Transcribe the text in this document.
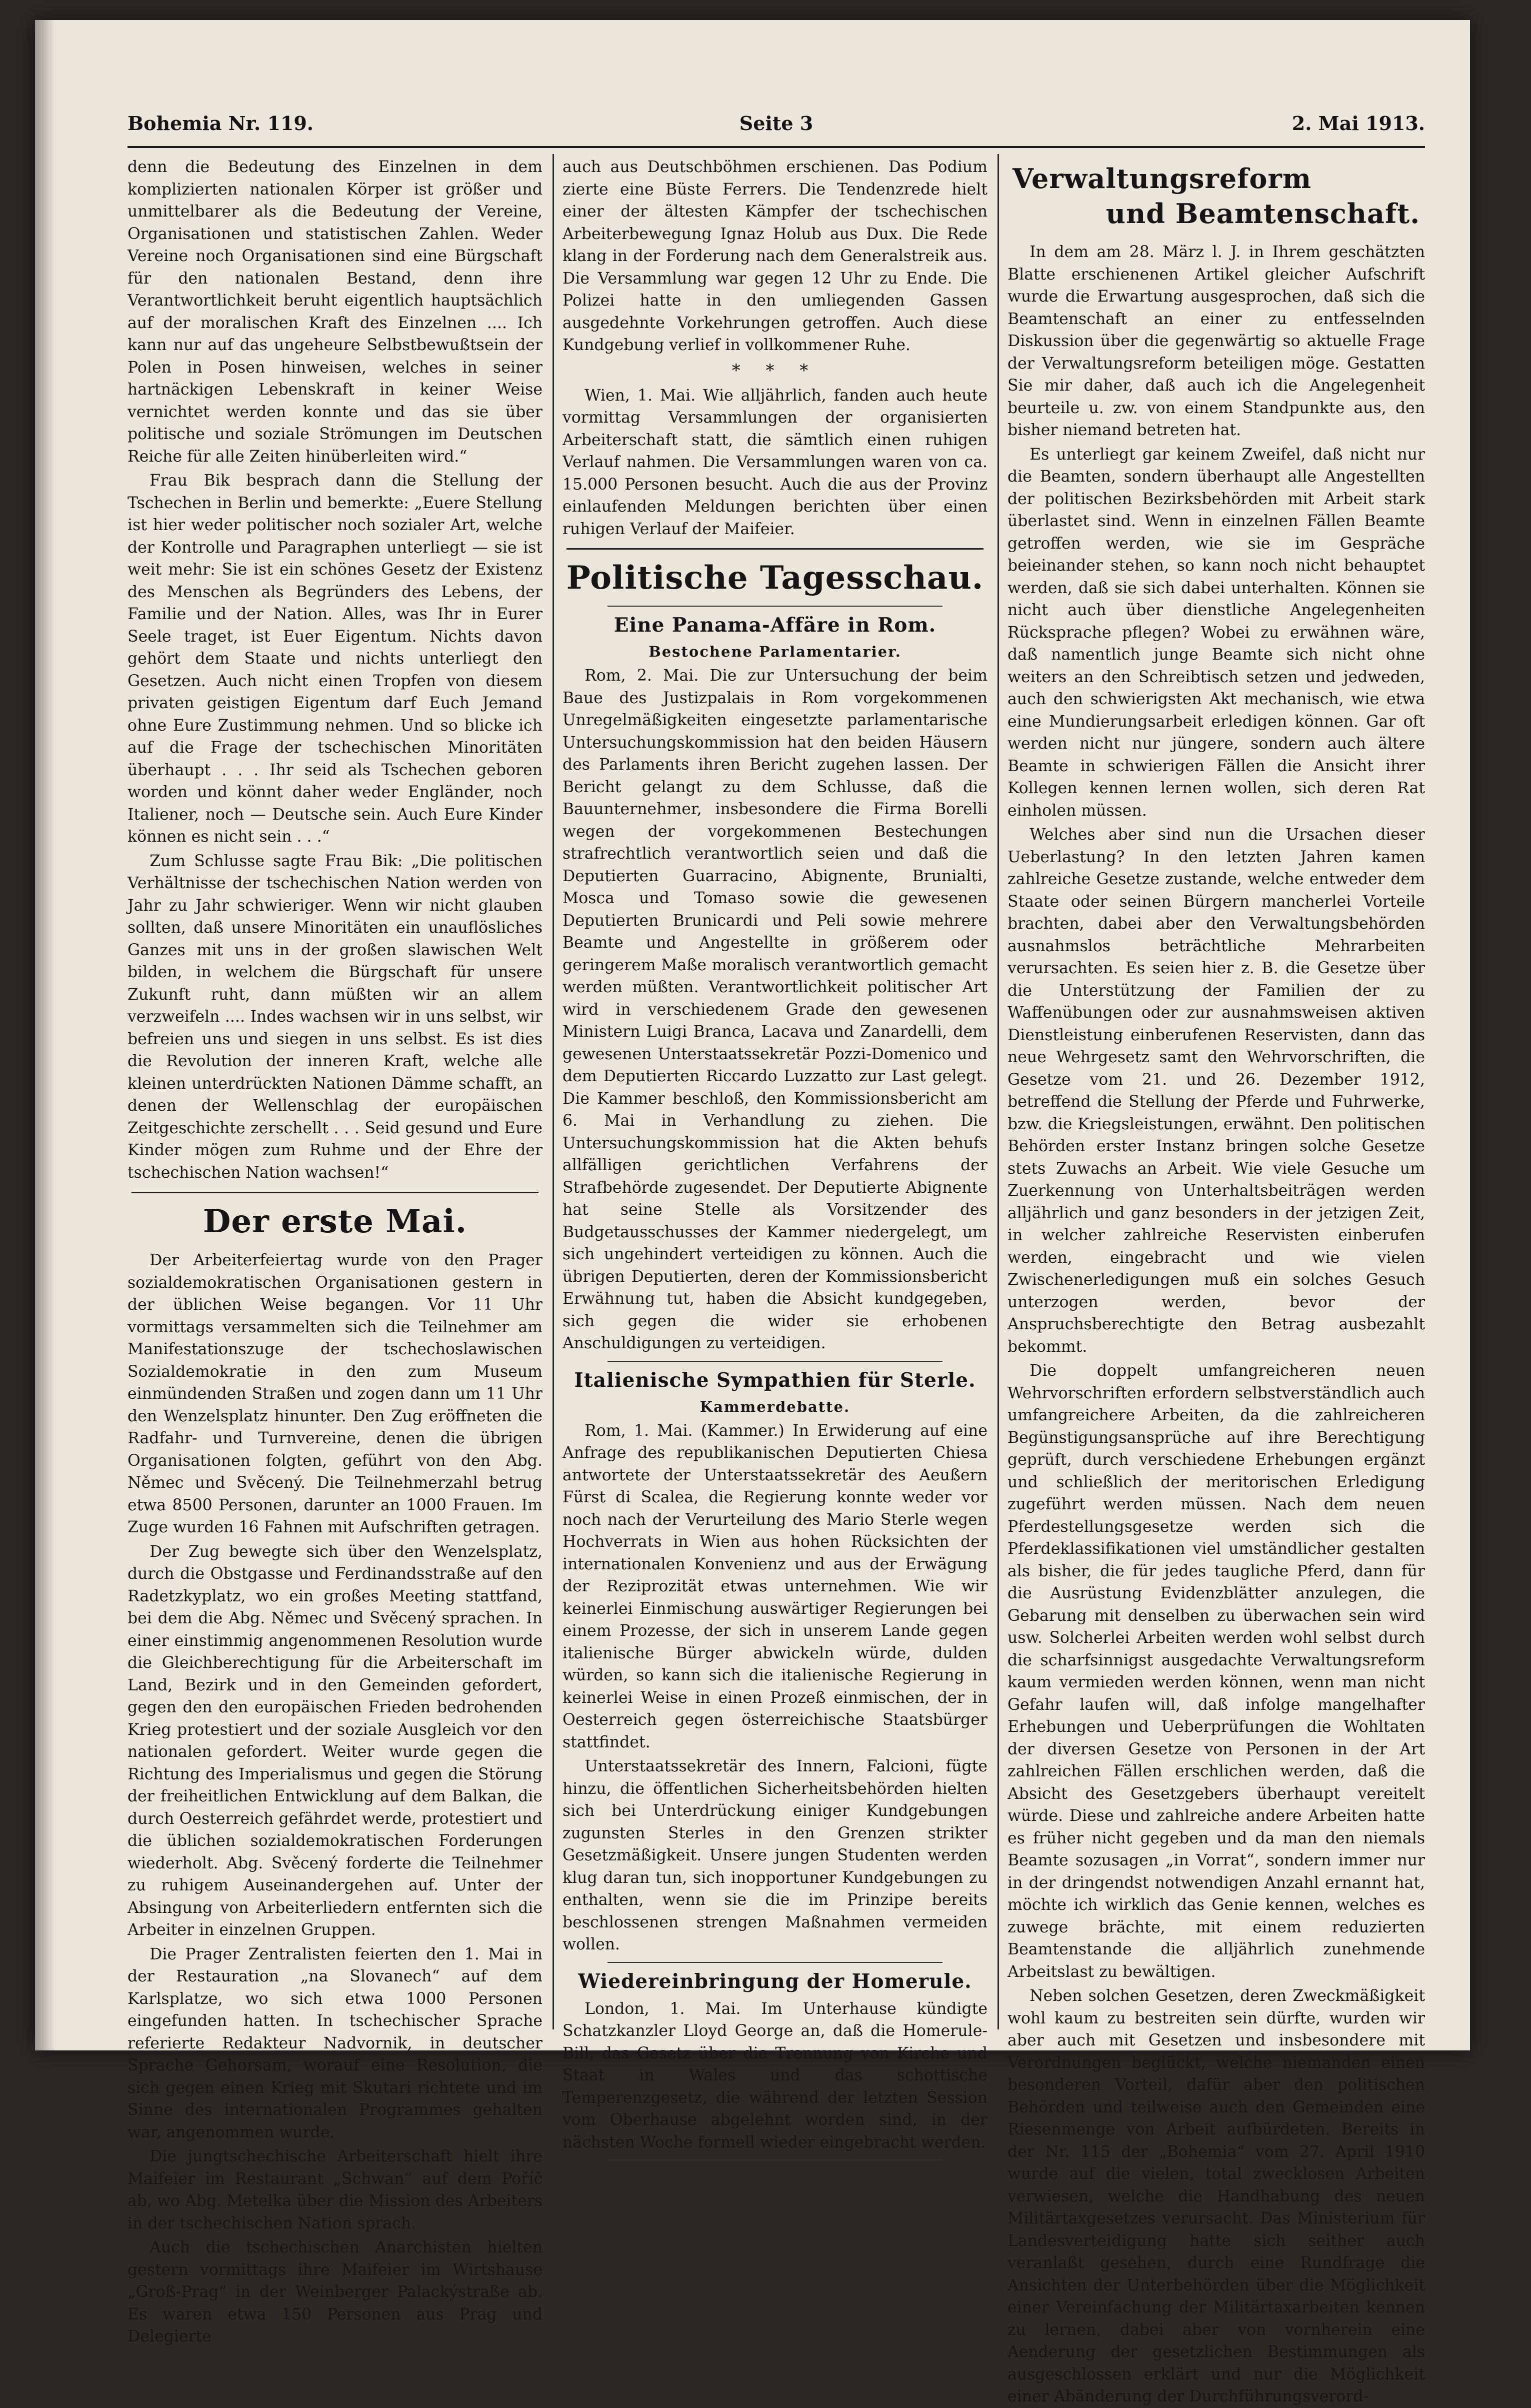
Bohemia Nr. 119.	Seite 3	2. Mai 1913.

denn die Bedeutung des Einzelnen in dem komplizierten nationalen Körper ist größer und unmittelbarer als die Bedeutung der Vereine, Organisationen und statistischen Zahlen. Weder Vereine noch Organisationen sind eine Bürgschaft für den nationalen Bestand, denn ihre Verantwortlichkeit beruht eigentlich hauptsächlich auf der moralischen Kraft des Einzelnen .... Ich kann nur auf das ungeheure Selbstbewußtsein der Polen in Posen hinweisen, welches in seiner hartnäckigen Lebenskraft in keiner Weise vernichtet werden konnte und das sie über politische und soziale Strömungen im Deutschen Reiche für alle Zeiten hinüberleiten wird.“

Frau Bik besprach dann die Stellung der Tschechen in Berlin und bemerkte: „Euere Stellung ist hier weder politischer noch sozialer Art, welche der Kontrolle und Paragraphen unterliegt — sie ist weit mehr: Sie ist ein schönes Gesetz der Existenz des Menschen als Begründers des Lebens, der Familie und der Nation. Alles, was Ihr in Eurer Seele traget, ist Euer Eigentum. Nichts davon gehört dem Staate und nichts unterliegt den Gesetzen. Auch nicht einen Tropfen von diesem privaten geistigen Eigentum darf Euch Jemand ohne Eure Zustimmung nehmen. Und so blicke ich auf die Frage der tschechischen Minoritäten überhaupt . . . Ihr seid als Tschechen geboren worden und könnt daher weder Engländer, noch Italiener, noch — Deutsche sein. Auch Eure Kinder können es nicht sein . . .“

Zum Schlusse sagte Frau Bik: „Die politischen Verhältnisse der tschechischen Nation werden von Jahr zu Jahr schwieriger. Wenn wir nicht glauben sollten, daß unsere Minoritäten ein unauflösliches Ganzes mit uns in der großen slawischen Welt bilden, in welchem die Bürgschaft für unsere Zukunft ruht, dann müßten wir an allem verzweifeln .... Indes wachsen wir in uns selbst, wir befreien uns und siegen in uns selbst. Es ist dies die Revolution der inneren Kraft, welche alle kleinen unterdrückten Nationen Dämme schafft, an denen der Wellenschlag der europäischen Zeitgeschichte zerschellt . . . Seid gesund und Eure Kinder mögen zum Ruhme und der Ehre der tschechischen Nation wachsen!“

Der erste Mai.

Der Arbeiterfeiertag wurde von den Prager sozialdemokratischen Organisationen gestern in der üblichen Weise begangen. Vor 11 Uhr vormittags versammelten sich die Teilnehmer am Manifestationszuge der tschechoslawischen Sozialdemokratie in den zum Museum einmündenden Straßen und zogen dann um 11 Uhr den Wenzelsplatz hinunter. Den Zug eröffneten die Radfahr- und Turnvereine, denen die übrigen Organisationen folgten, geführt von den Abg. Němec und Svěcený. Die Teilnehmerzahl betrug etwa 8500 Personen, darunter an 1000 Frauen. Im Zuge wurden 16 Fahnen mit Aufschriften getragen.

Der Zug bewegte sich über den Wenzelsplatz, durch die Obstgasse und Ferdinandsstraße auf den Radetzkyplatz, wo ein großes Meeting stattfand, bei dem die Abg. Němec und Svěcený sprachen. In einer einstimmig angenommenen Resolution wurde die Gleichberechtigung für die Arbeiterschaft im Land, Bezirk und in den Gemeinden gefordert, gegen den den europäischen Frieden bedrohenden Krieg protestiert und der soziale Ausgleich vor den nationalen gefordert. Weiter wurde gegen die Richtung des Imperialismus und gegen die Störung der freiheitlichen Entwicklung auf dem Balkan, die durch Oesterreich gefährdet werde, protestiert und die üblichen sozialdemokratischen Forderungen wiederholt. Abg. Svěcený forderte die Teilnehmer zu ruhigem Auseinandergehen auf. Unter der Absingung von Arbeiterliedern entfernten sich die Arbeiter in einzelnen Gruppen.

Die Prager Zentralisten feierten den 1. Mai in der Restauration „na Slovanech“ auf dem Karlsplatze, wo sich etwa 1000 Personen eingefunden hatten. In tschechischer Sprache referierte Redakteur Nadvornik, in deutscher Sprache Gehorsam, worauf eine Resolution, die sich gegen einen Krieg mit Skutari richtete und im Sinne des internationalen Programmes gehalten war, angenommen wurde.

Die jungtschechische Arbeiterschaft hielt ihre Maifeier im Restaurant „Schwan“ auf dem Poříč ab, wo Abg. Metelka über die Mission des Arbeiters in der tschechischen Nation sprach.

Auch die tschechischen Anarchisten hielten gestern vormittags ihre Maifeier im Wirtshause „Groß-Prag“ in der Weinberger Palackýstraße ab. Es waren etwa 150 Personen aus Prag und Delegierte

auch aus Deutschböhmen erschienen. Das Podium zierte eine Büste Ferrers. Die Tendenzrede hielt einer der ältesten Kämpfer der tschechischen Arbeiterbewegung Ignaz Holub aus Dux. Die Rede klang in der Forderung nach dem Generalstreik aus. Die Versammlung war gegen 12 Uhr zu Ende. Die Polizei hatte in den umliegenden Gassen ausgedehnte Vorkehrungen getroffen. Auch diese Kundgebung verlief in vollkommener Ruhe.

* * *

Wien, 1. Mai. Wie alljährlich, fanden auch heute vormittag Versammlungen der organisierten Arbeiterschaft statt, die sämtlich einen ruhigen Verlauf nahmen. Die Versammlungen waren von ca. 15.000 Personen besucht. Auch die aus der Provinz einlaufenden Meldungen berichten über einen ruhigen Verlauf der Maifeier.

Politische Tagesschau.
Eine Panama-Affäre in Rom.
Bestochene Parlamentarier.

Rom, 2. Mai. Die zur Untersuchung der beim Baue des Justizpalais in Rom vorgekommenen Unregelmäßigkeiten eingesetzte parlamentarische Untersuchungskommission hat den beiden Häusern des Parlaments ihren Bericht zugehen lassen. Der Bericht gelangt zu dem Schlusse, daß die Bauunternehmer, insbesondere die Firma Borelli wegen der vorgekommenen Bestechungen strafrechtlich verantwortlich seien und daß die Deputierten Guarracino, Abignente, Brunialti, Mosca und Tomaso sowie die gewesenen Deputierten Brunicardi und Peli sowie mehrere Beamte und Angestellte in größerem oder geringerem Maße moralisch verantwortlich gemacht werden müßten. Verantwortlichkeit politischer Art wird in verschiedenem Grade den gewesenen Ministern Luigi Branca, Lacava und Zanardelli, dem gewesenen Unterstaatssekretär Pozzi-Domenico und dem Deputierten Riccardo Luzzatto zur Last gelegt. Die Kammer beschloß, den Kommissionsbericht am 6. Mai in Verhandlung zu ziehen. Die Untersuchungskommission hat die Akten behufs allfälligen gerichtlichen Verfahrens der Strafbehörde zugesendet. Der Deputierte Abignente hat seine Stelle als Vorsitzender des Budgetausschusses der Kammer niedergelegt, um sich ungehindert verteidigen zu können. Auch die übrigen Deputierten, deren der Kommissionsbericht Erwähnung tut, haben die Absicht kundgegeben, sich gegen die wider sie erhobenen Anschuldigungen zu verteidigen.

Italienische Sympathien für Sterle.
Kammerdebatte.

Rom, 1. Mai. (Kammer.) In Erwiderung auf eine Anfrage des republikanischen Deputierten Chiesa antwortete der Unterstaatssekretär des Aeußern Fürst di Scalea, die Regierung konnte weder vor noch nach der Verurteilung des Mario Sterle wegen Hochverrats in Wien aus hohen Rücksichten der internationalen Konvenienz und aus der Erwägung der Reziprozität etwas unternehmen. Wie wir keinerlei Einmischung auswärtiger Regierungen bei einem Prozesse, der sich in unserem Lande gegen italienische Bürger abwickeln würde, dulden würden, so kann sich die italienische Regierung in keinerlei Weise in einen Prozeß einmischen, der in Oesterreich gegen österreichische Staatsbürger stattfindet.

Unterstaatssekretär des Innern, Falcioni, fügte hinzu, die öffentlichen Sicherheitsbehörden hielten sich bei Unterdrückung einiger Kundgebungen zugunsten Sterles in den Grenzen strikter Gesetzmäßigkeit. Unsere jungen Studenten werden klug daran tun, sich inopportuner Kundgebungen zu enthalten, wenn sie die im Prinzipe bereits beschlossenen strengen Maßnahmen vermeiden wollen.

Wiedereinbringung der Homerule.

London, 1. Mai. Im Unterhause kündigte Schatzkanzler Lloyd George an, daß die Homerule-Bill, das Gesetz über die Trennung von Kirche und Staat in Wales und das schottische Temperenzgesetz, die während der letzten Session vom Oberhause abgelehnt worden sind, in der nächsten Woche formell wieder eingebracht werden.

Verwaltungsreform
und Beamtenschaft.

In dem am 28. März l. J. in Ihrem geschätzten Blatte erschienenen Artikel gleicher Aufschrift wurde die Erwartung ausgesprochen, daß sich die Beamtenschaft an einer zu entfesselnden Diskussion über die gegenwärtig so aktuelle Frage der Verwaltungsreform beteiligen möge. Gestatten Sie mir daher, daß auch ich die Angelegenheit beurteile u. zw. von einem Standpunkte aus, den bisher niemand betreten hat.

Es unterliegt gar keinem Zweifel, daß nicht nur die Beamten, sondern überhaupt alle Angestellten der politischen Bezirksbehörden mit Arbeit stark überlastet sind. Wenn in einzelnen Fällen Beamte getroffen werden, wie sie im Gespräche beieinander stehen, so kann noch nicht behauptet werden, daß sie sich dabei unterhalten. Können sie nicht auch über dienstliche Angelegenheiten Rücksprache pflegen? Wobei zu erwähnen wäre, daß namentlich junge Beamte sich nicht ohne weiters an den Schreibtisch setzen und jedweden, auch den schwierigsten Akt mechanisch, wie etwa eine Mundierungsarbeit erledigen können. Gar oft werden nicht nur jüngere, sondern auch ältere Beamte in schwierigen Fällen die Ansicht ihrer Kollegen kennen lernen wollen, sich deren Rat einholen müssen.

Welches aber sind nun die Ursachen dieser Ueberlastung? In den letzten Jahren kamen zahlreiche Gesetze zustande, welche entweder dem Staate oder seinen Bürgern mancherlei Vorteile brachten, dabei aber den Verwaltungsbehörden ausnahmslos beträchtliche Mehrarbeiten verursachten. Es seien hier z. B. die Gesetze über die Unterstützung der Familien der zu Waffenübungen oder zur ausnahmsweisen aktiven Dienstleistung einberufenen Reservisten, dann das neue Wehrgesetz samt den Wehrvorschriften, die Gesetze vom 21. und 26. Dezember 1912, betreffend die Stellung der Pferde und Fuhrwerke, bzw. die Kriegsleistungen, erwähnt. Den politischen Behörden erster Instanz bringen solche Gesetze stets Zuwachs an Arbeit. Wie viele Gesuche um Zuerkennung von Unterhaltsbeiträgen werden alljährlich und ganz besonders in der jetzigen Zeit, in welcher zahlreiche Reservisten einberufen werden, eingebracht und wie vielen Zwischenerledigungen muß ein solches Gesuch unterzogen werden, bevor der Anspruchsberechtigte den Betrag ausbezahlt bekommt.

Die doppelt umfangreicheren neuen Wehrvorschriften erfordern selbstverständlich auch umfangreichere Arbeiten, da die zahlreicheren Begünstigungsansprüche auf ihre Berechtigung geprüft, durch verschiedene Erhebungen ergänzt und schließlich der meritorischen Erledigung zugeführt werden müssen. Nach dem neuen Pferdestellungsgesetze werden sich die Pferdeklassifikationen viel umständlicher gestalten als bisher, die für jedes taugliche Pferd, dann für die Ausrüstung Evidenzblätter anzulegen, die Gebarung mit denselben zu überwachen sein wird usw. Solcherlei Arbeiten werden wohl selbst durch die scharfsinnigst ausgedachte Verwaltungsreform kaum vermieden werden können, wenn man nicht Gefahr laufen will, daß infolge mangelhafter Erhebungen und Ueberprüfungen die Wohltaten der diversen Gesetze von Personen in der Art zahlreichen Fällen erschlichen werden, daß die Absicht des Gesetzgebers überhaupt vereitelt würde. Diese und zahlreiche andere Arbeiten hatte es früher nicht gegeben und da man den niemals Beamte sozusagen „in Vorrat“, sondern immer nur in der dringendst notwendigen Anzahl ernannt hat, möchte ich wirklich das Genie kennen, welches es zuwege brächte, mit einem reduzierten Beamtenstande die alljährlich zunehmende Arbeitslast zu bewältigen.

Neben solchen Gesetzen, deren Zweckmäßigkeit wohl kaum zu bestreiten sein dürfte, wurden wir aber auch mit Gesetzen und insbesondere mit Verordnungen beglückt, welche niemanden einen besonderen Vorteil, dafür aber den politischen Behörden und teilweise auch den Gemeinden eine Riesenmenge von Arbeit aufbürdeten. Bereits in der Nr. 115 der „Bohemia“ vom 27. April 1910 wurde auf die vielen, total zwecklosen Arbeiten verwiesen, welche die Handhabung des neuen Militärtaxgesetzes verursacht. Das Ministerium für Landesverteidigung hatte sich seither auch veranlaßt gesehen, durch eine Rundfrage die Ansichten der Unterbehörden über die Möglichkeit einer Vereinfachung der Militärtaxarbeiten kennen zu lernen, dabei aber von vornherein eine Aenderung der gesetzlichen Bestimmungen als ausgeschlossen erklärt und nur die Möglichkeit einer Abänderung der Durchführungsverord-
